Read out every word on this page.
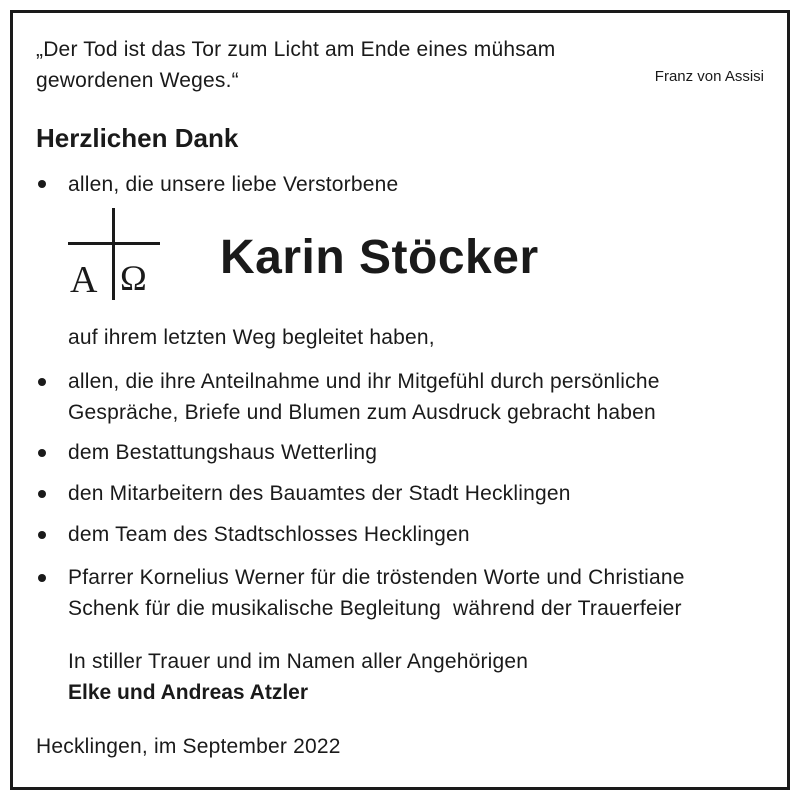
„Der Tod ist das Tor zum Licht am Ende eines mühsam
gewordenen Weges.“	Franz von Assisi
Herzlichen Dank
allen, die unsere liebe Verstorbene
A Ω Karin Stöcker
auf ihrem letzten Weg begleitet haben,
allen, die ihre Anteilnahme und ihr Mitgefühl durch persönliche
Gespräche, Briefe und Blumen zum Ausdruck gebracht haben
dem Bestattungshaus Wetterling
den Mitarbeitern des Bauamtes der Stadt Hecklingen
dem Team des Stadtschlosses Hecklingen
Pfarrer Kornelius Werner für die tröstenden Worte und Christiane
Schenk für die musikalische Begleitung  während der Trauerfeier
In stiller Trauer und im Namen aller Angehörigen
Elke und Andreas Atzler
Hecklingen, im September 2022
